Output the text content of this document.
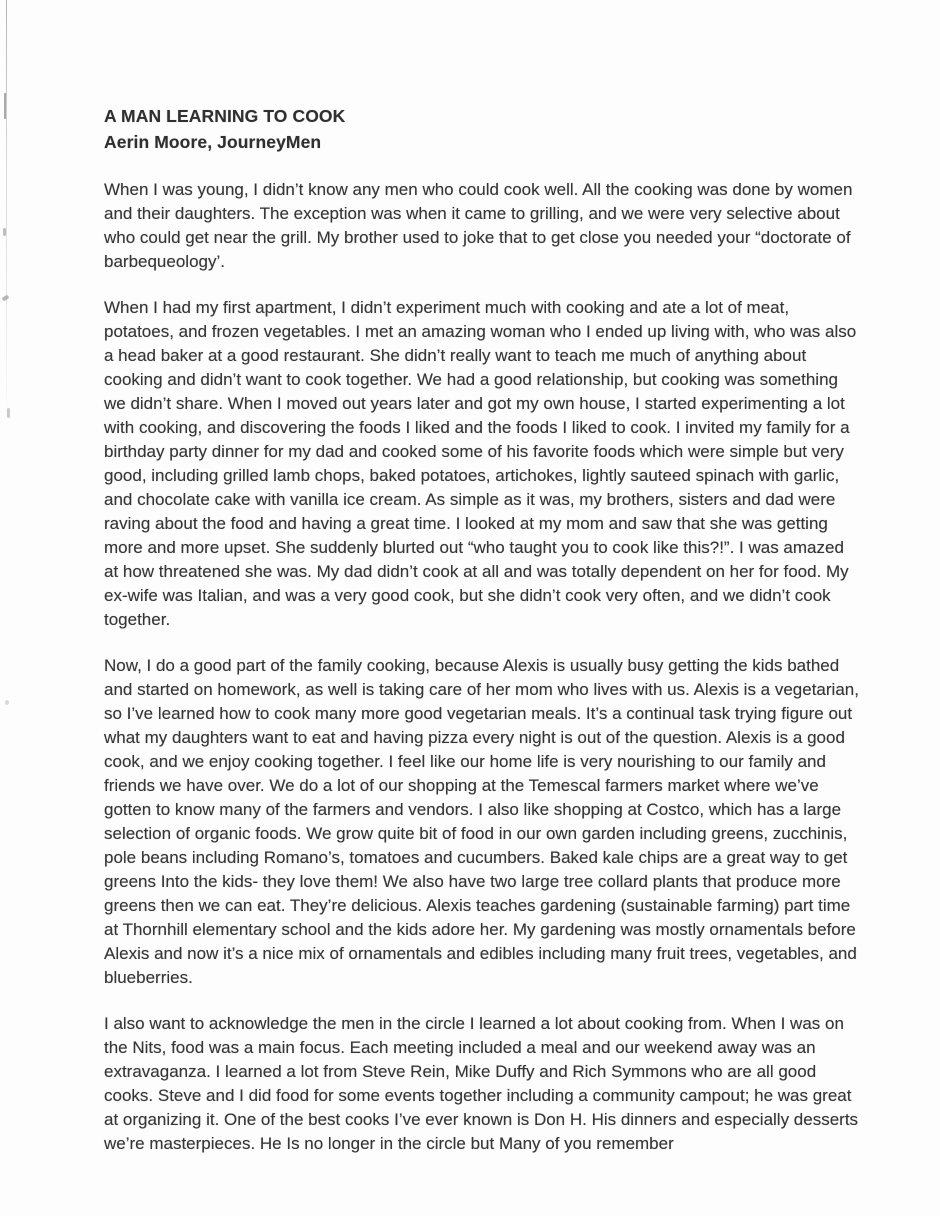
A MAN LEARNING TO COOK
Aerin Moore, JourneyMen

When I was young, I didn’t know any men who could cook well. All the cooking was done by women and their daughters. The exception was when it came to grilling, and we were very selective about who could get near the grill. My brother used to joke that to get close you needed your “doctorate of barbequeology’.

When I had my first apartment, I didn’t experiment much with cooking and ate a lot of meat, potatoes, and frozen vegetables. I met an amazing woman who I ended up living with, who was also a head baker at a good restaurant. She didn’t really want to teach me much of anything about cooking and didn’t want to cook together. We had a good relationship, but cooking was something we didn’t share. When I moved out years later and got my own house, I started experimenting a lot with cooking, and discovering the foods I liked and the foods I liked to cook. I invited my family for a birthday party dinner for my dad and cooked some of his favorite foods which were simple but very good, including grilled lamb chops, baked potatoes, artichokes, lightly sauteed spinach with garlic, and chocolate cake with vanilla ice cream. As simple as it was, my brothers, sisters and dad were raving about the food and having a great time. I looked at my mom and saw that she was getting more and more upset. She suddenly blurted out “who taught you to cook like this?!”. I was amazed at how threatened she was. My dad didn’t cook at all and was totally dependent on her for food. My ex-wife was Italian, and was a very good cook, but she didn’t cook very often, and we didn’t cook together.

Now, I do a good part of the family cooking, because Alexis is usually busy getting the kids bathed and started on homework, as well is taking care of her mom who lives with us. Alexis is a vegetarian, so I’ve learned how to cook many more good vegetarian meals. It’s a continual task trying figure out what my daughters want to eat and having pizza every night is out of the question. Alexis is a good cook, and we enjoy cooking together. I feel like our home life is very nourishing to our family and friends we have over. We do a lot of our shopping at the Temescal farmers market where we’ve gotten to know many of the farmers and vendors. I also like shopping at Costco, which has a large selection of organic foods. We grow quite bit of food in our own garden including greens, zucchinis, pole beans including Romano’s, tomatoes and cucumbers. Baked kale chips are a great way to get greens Into the kids- they love them! We also have two large tree collard plants that produce more greens then we can eat. They’re delicious. Alexis teaches gardening (sustainable farming) part time at Thornhill elementary school and the kids adore her. My gardening was mostly ornamentals before Alexis and now it’s a nice mix of ornamentals and edibles including many fruit trees, vegetables, and blueberries.

I also want to acknowledge the men in the circle I learned a lot about cooking from. When I was on the Nits, food was a main focus. Each meeting included a meal and our weekend away was an extravaganza. I learned a lot from Steve Rein, Mike Duffy and Rich Symmons who are all good cooks. Steve and I did food for some events together including a community campout; he was great at organizing it. One of the best cooks I’ve ever known is Don H. His dinners and especially desserts we’re masterpieces. He Is no longer in the circle but Many of you remember
